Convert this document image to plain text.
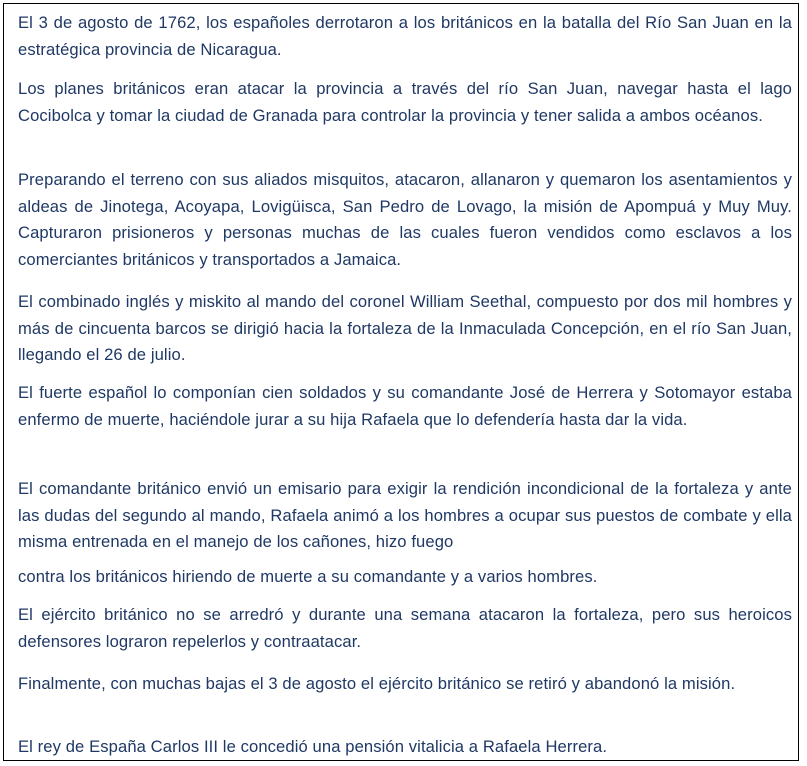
El 3 de agosto de 1762, los españoles derrotaron a los británicos en la batalla del Río San Juan en la estratégica provincia de Nicaragua.

Los planes británicos eran atacar la provincia a través del río San Juan, navegar hasta el lago Cocibolca y tomar la ciudad de Granada para controlar la provincia y tener salida a ambos océanos.

Preparando el terreno con sus aliados misquitos, atacaron, allanaron y quemaron los asentamientos y aldeas de Jinotega, Acoyapa, Lovigüisca, San Pedro de Lovago, la misión de Apompuá y Muy Muy. Capturaron prisioneros y personas muchas de las cuales fueron vendidos como esclavos a los comerciantes británicos y transportados a Jamaica.

El combinado inglés y miskito al mando del coronel William Seethal, compuesto por dos mil hombres y más de cincuenta barcos se dirigió hacia la fortaleza de la Inmaculada Concepción, en el río San Juan, llegando el 26 de julio.

El fuerte español lo componían cien soldados y su comandante José de Herrera y Sotomayor estaba enfermo de muerte, haciéndole jurar a su hija Rafaela que lo defendería hasta dar la vida.

El comandante británico envió un emisario para exigir la rendición incondicional de la fortaleza y ante las dudas del segundo al mando, Rafaela animó a los hombres a ocupar sus puestos de combate y ella misma entrenada en el manejo de los cañones, hizo fuego

contra los británicos hiriendo de muerte a su comandante y a varios hombres.

El ejército británico no se arredró y durante una semana atacaron la fortaleza, pero sus heroicos defensores lograron repelerlos y contraatacar.

Finalmente, con muchas bajas el 3 de agosto el ejército británico se retiró y abandonó la misión.

El rey de España Carlos III le concedió una pensión vitalicia a Rafaela Herrera.
